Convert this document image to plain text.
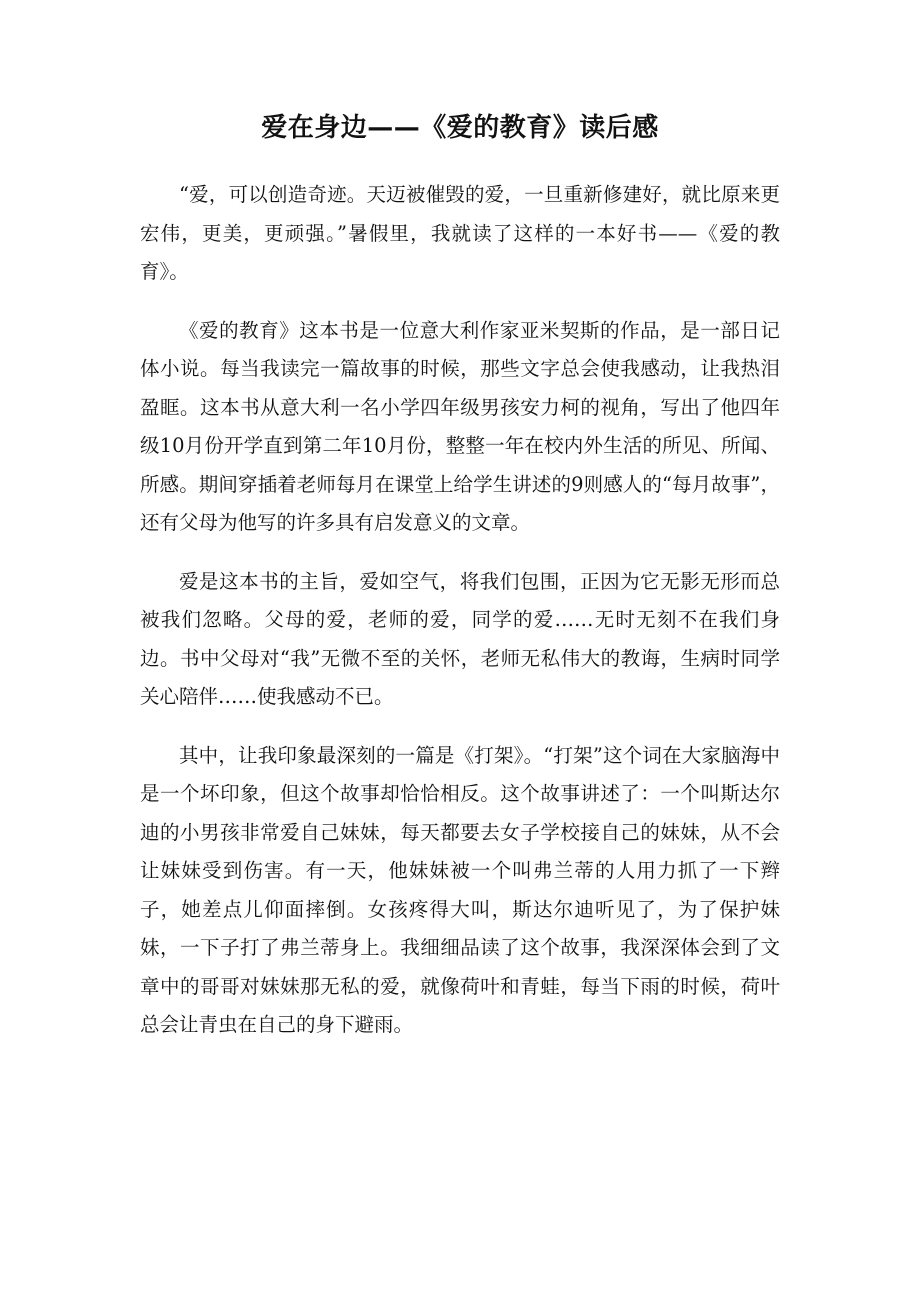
爱在身边——《爱的教育》读后感

“爱，可以创造奇迹。天迈被催毁的爱，一旦重新修建好，就比原来更宏伟，更美，更顽强。”暑假里，我就读了这样的一本好书——《爱的教育》。

《爱的教育》这本书是一位意大利作家亚米契斯的作品，是一部日记体小说。每当我读完一篇故事的时候，那些文字总会使我感动，让我热泪盈眶。这本书从意大利一名小学四年级男孩安力柯的视角，写出了他四年级10月份开学直到第二年10月份，整整一年在校内外生活的所见、所闻、所感。期间穿插着老师每月在课堂上给学生讲述的9则感人的“每月故事”，还有父母为他写的许多具有启发意义的文章。

爱是这本书的主旨，爱如空气，将我们包围，正因为它无影无形而总被我们忽略。父母的爱，老师的爱，同学的爱……无时无刻不在我们身边。书中父母对“我”无微不至的关怀，老师无私伟大的教诲，生病时同学关心陪伴……使我感动不已。

其中，让我印象最深刻的一篇是《打架》。“打架”这个词在大家脑海中是一个坏印象，但这个故事却恰恰相反。这个故事讲述了：一个叫斯达尔迪的小男孩非常爱自己妹妹，每天都要去女子学校接自己的妹妹，从不会让妹妹受到伤害。有一天，他妹妹被一个叫弗兰蒂的人用力抓了一下辫子，她差点儿仰面摔倒。女孩疼得大叫，斯达尔迪听见了，为了保护妹妹，一下子打了弗兰蒂身上。我细细品读了这个故事，我深深体会到了文章中的哥哥对妹妹那无私的爱，就像荷叶和青蛙，每当下雨的时候，荷叶总会让青虫在自己的身下避雨。
